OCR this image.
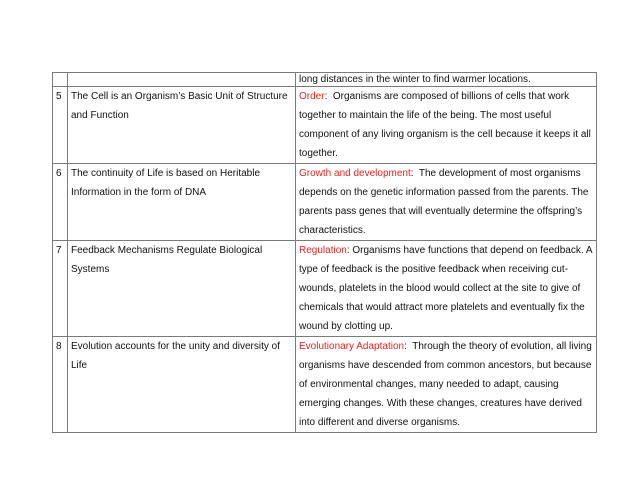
		long distances in the winter to find warmer locations.
5	The Cell is an Organism’s Basic Unit of Structure and Function	Order:  Organisms are composed of billions of cells that work together to maintain the life of the being. The most useful component of any living organism is the cell because it keeps it all together.
6	The continuity of Life is based on Heritable Information in the form of DNA	Growth and development:  The development of most organisms depends on the genetic information passed from the parents. The parents pass genes that will eventually determine the offspring’s characteristics.
7	Feedback Mechanisms Regulate Biological Systems	Regulation: Organisms have functions that depend on feedback. A type of feedback is the positive feedback when receiving cut-wounds, platelets in the blood would collect at the site to give of chemicals that would attract more platelets and eventually fix the wound by clotting up.
8	Evolution accounts for the unity and diversity of Life	Evolutionary Adaptation:  Through the theory of evolution, all living organisms have descended from common ancestors, but because of environmental changes, many needed to adapt, causing emerging changes. With these changes, creatures have derived into different and diverse organisms.
